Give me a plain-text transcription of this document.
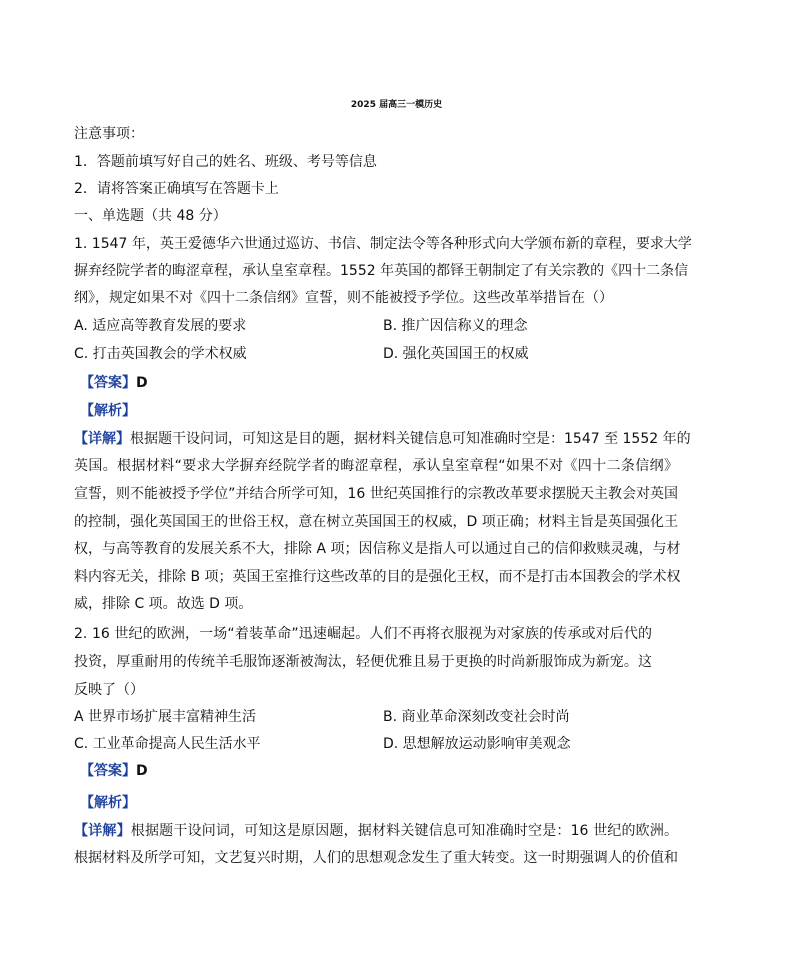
2025 届高三一模历史
注意事项：
1．答题前填写好自己的姓名、班级、考号等信息
2．请将答案正确填写在答题卡上
一、单选题（共 48 分）
1. 1547 年，英王爱德华六世通过巡访、书信、制定法令等各种形式向大学颁布新的章程，要求大学
摒弃经院学者的晦涩章程，承认皇室章程。1552 年英国的都铎王朝制定了有关宗教的《四十二条信
纲》，规定如果不对《四十二条信纲》宣誓，则不能被授予学位。这些改革举措旨在（）
A. 适应高等教育发展的要求	B. 推广因信称义的理念
C. 打击英国教会的学术权威	D. 强化英国国王的权威
【答案】D
【解析】
【详解】根据题干设问词，可知这是目的题，据材料关键信息可知准确时空是：1547 至 1552 年的
英国。根据材料“要求大学摒弃经院学者的晦涩章程，承认皇室章程“如果不对《四十二条信纲》
宣誓，则不能被授予学位”并结合所学可知，16 世纪英国推行的宗教改革要求摆脱天主教会对英国
的控制，强化英国国王的世俗王权，意在树立英国国王的权威，D 项正确；材料主旨是英国强化王
权，与高等教育的发展关系不大，排除 A 项；因信称义是指人可以通过自己的信仰救赎灵魂，与材
料内容无关，排除 B 项；英国王室推行这些改革的目的是强化王权，而不是打击本国教会的学术权
威，排除 C 项。故选 D 项。
2. 16 世纪的欧洲，一场“着装革命”迅速崛起。人们不再将衣服视为对家族的传承或对后代的
投资，厚重耐用的传统羊毛服饰逐渐被淘汰，轻便优雅且易于更换的时尚新服饰成为新宠。这
反映了（）
A 世界市场扩展丰富精神生活	B. 商业革命深刻改变社会时尚
C. 工业革命提高人民生活水平	D. 思想解放运动影响审美观念
【答案】D
【解析】
【详解】根据题干设问词，可知这是原因题，据材料关键信息可知准确时空是：16 世纪的欧洲。
根据材料及所学可知，文艺复兴时期，人们的思想观念发生了重大转变。这一时期强调人的价值和
